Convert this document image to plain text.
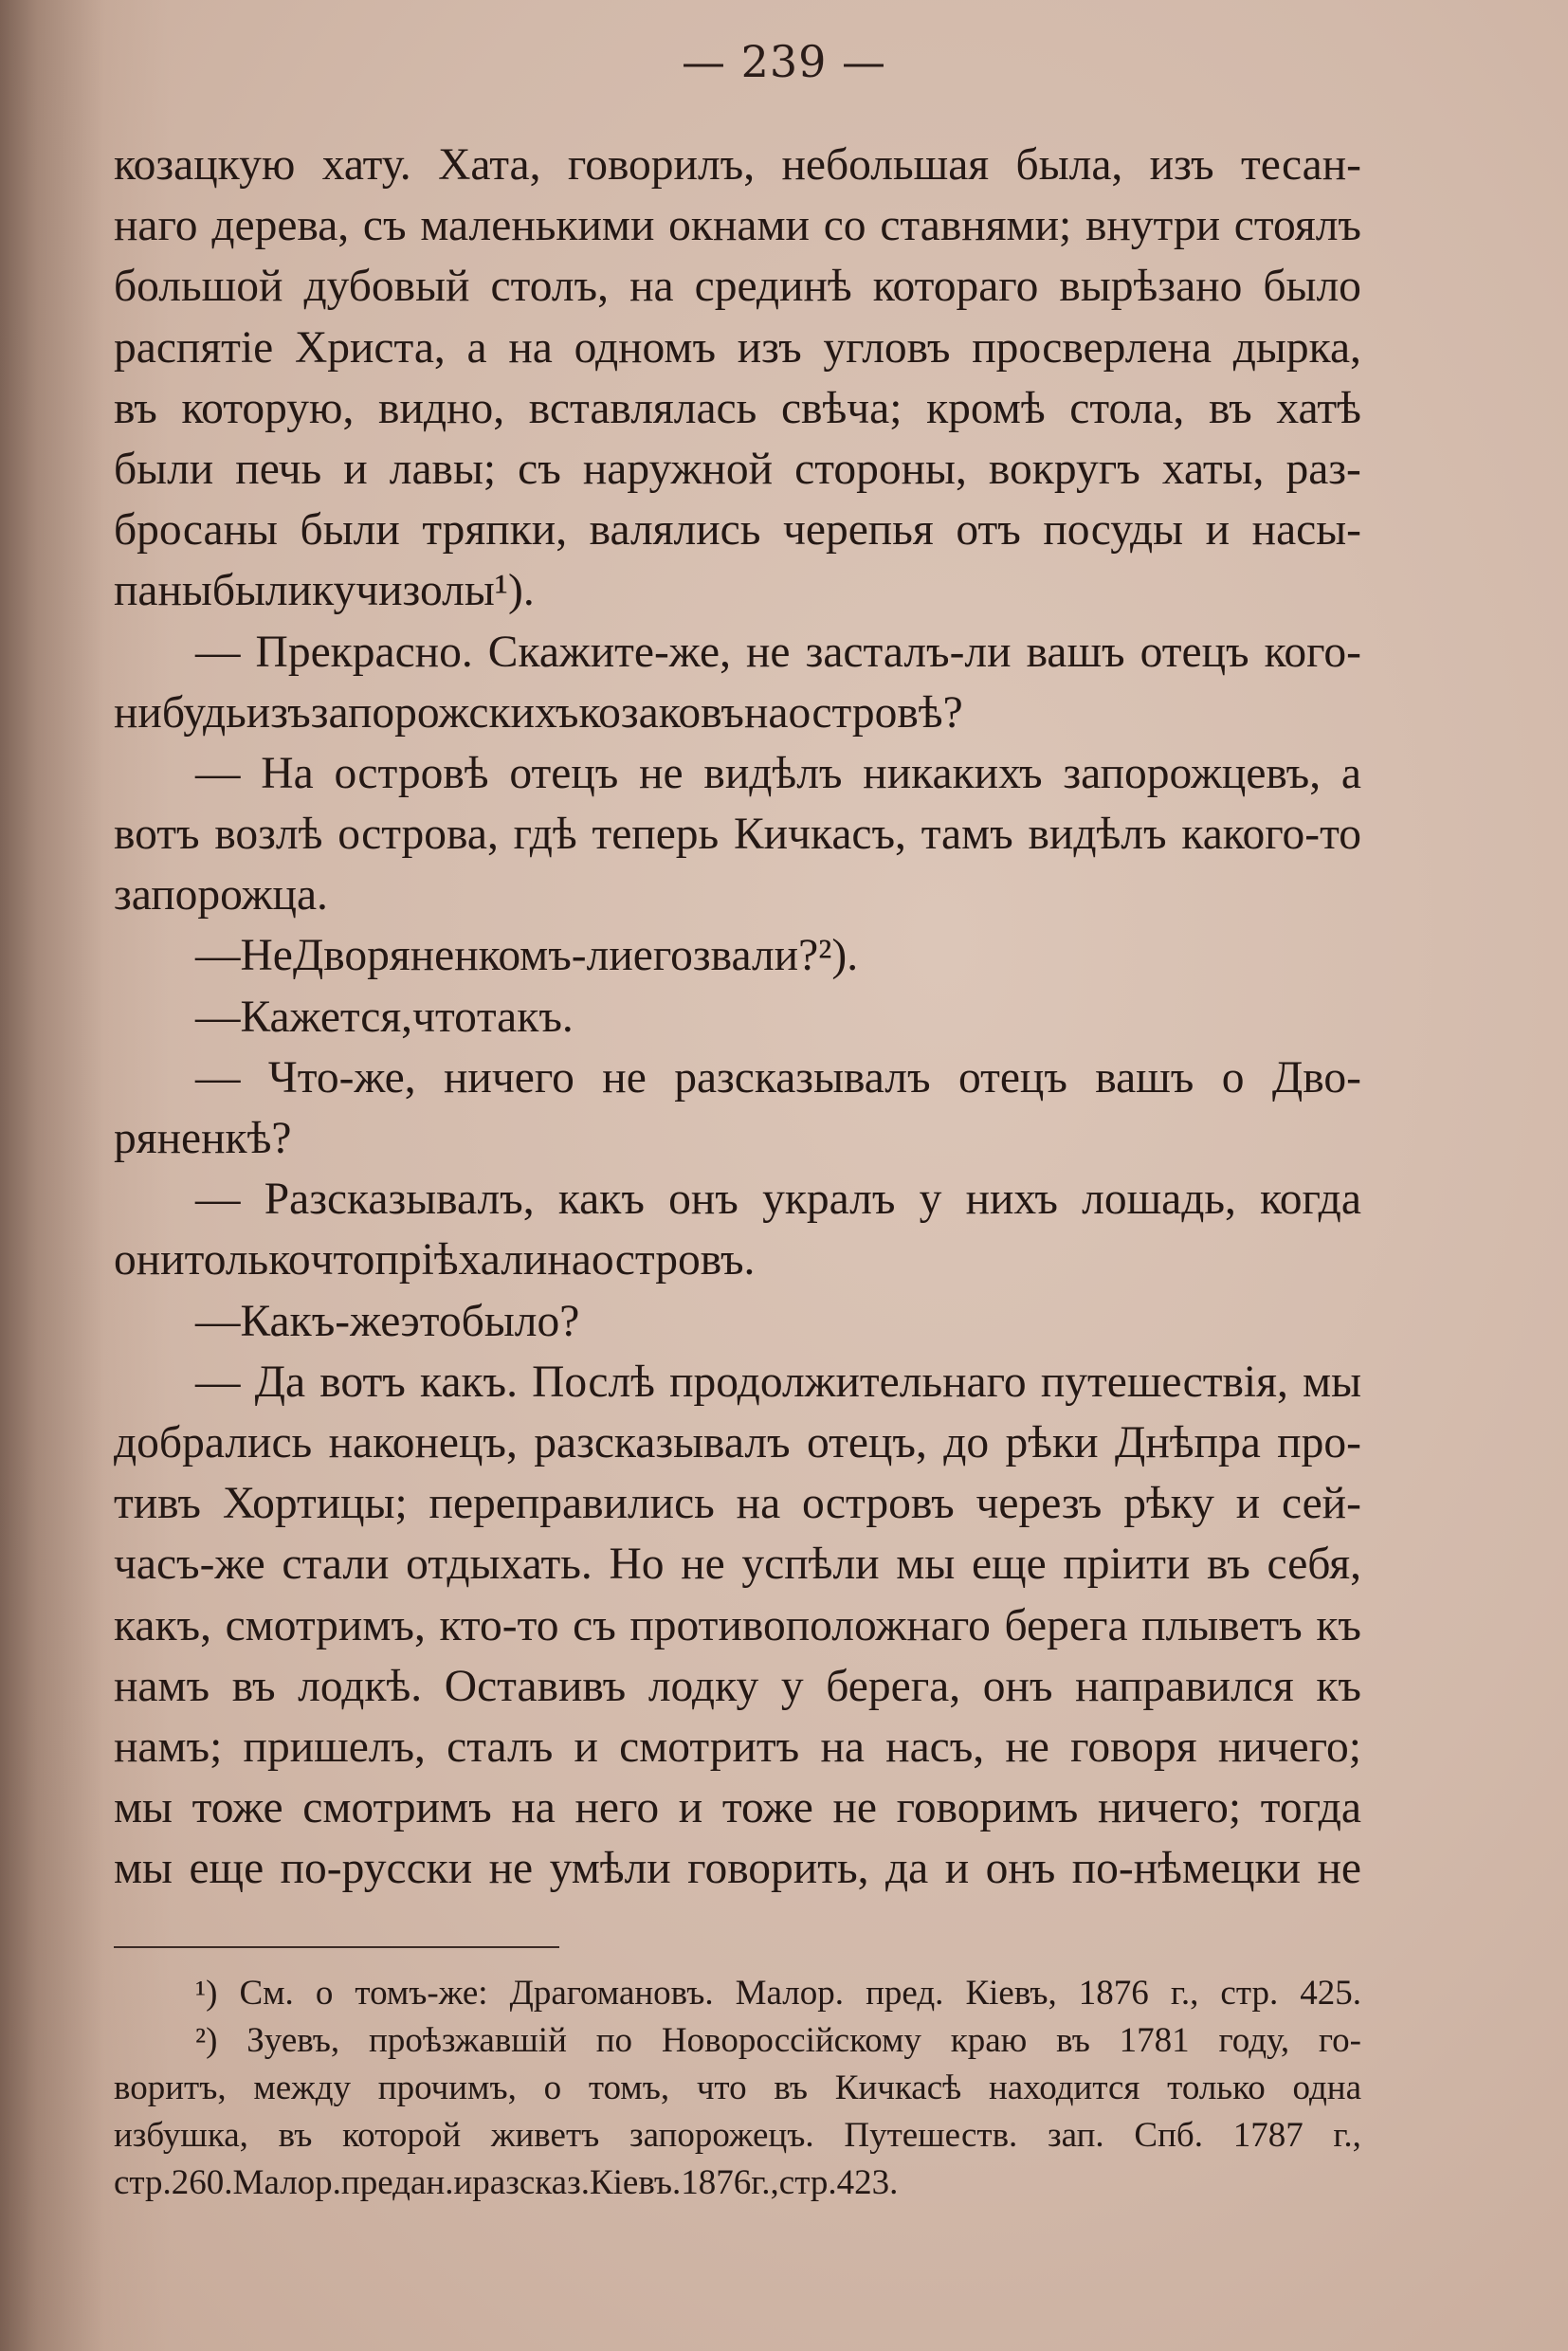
— 239 —
козацкую хату. Хата, говорилъ, небольшая была, изъ тесан-
наго дерева, съ маленькими окнами со ставнями; внутри стоялъ
большой дубовый столъ, на срединѣ котораго вырѣзано было
распятіе Христа, а на одномъ изъ угловъ просверлена дырка,
въ которую, видно, вставлялась свѣча; кромѣ стола, въ хатѣ
были печь и лавы; съ наружной стороны, вокругъ хаты, раз-
бросаны были тряпки, валялись черепья отъ посуды и насы-
паны были кучи золы ¹).
— Прекрасно. Скажите-же, не засталъ-ли вашъ отецъ кого-
нибудь изъ запорожскихъ козаковъ на островѣ?
— На островѣ отецъ не видѣлъ никакихъ запорожцевъ, а
вотъ возлѣ острова, гдѣ теперь Кичкасъ, тамъ видѣлъ какого-то
запорожца.
— Не Дворяненкомъ-ли его звали? ²).
— Кажется, что такъ.
— Что-же, ничего не разсказывалъ отецъ вашъ о Дво-
ряненкѣ?
— Разсказывалъ, какъ онъ укралъ у нихъ лошадь, когда
они только что пріѣхали на островъ.
— Какъ-же это было?
— Да вотъ какъ. Послѣ продолжительнаго путешествія, мы
добрались наконецъ, разсказывалъ отецъ, до рѣки Днѣпра про-
тивъ Хортицы; переправились на островъ черезъ рѣку и сей-
часъ-же стали отдыхать. Но не успѣли мы еще пріити въ себя,
какъ, смотримъ, кто-то съ противоположнаго берега плыветъ къ
намъ въ лодкѣ. Оставивъ лодку у берега, онъ направился къ
намъ; пришелъ, сталъ и смотритъ на насъ, не говоря ничего;
мы тоже смотримъ на него и тоже не говоримъ ничего; тогда
мы еще по-русски не умѣли говорить, да и онъ по-нѣмецки не
¹) См. о томъ-же: Драгомановъ. Малор. пред. Кіевъ, 1876 г., стр. 425.
²) Зуевъ, проѣзжавшій по Новороссійскому краю въ 1781 году, го-
воритъ, между прочимъ, о томъ, что въ Кичкасѣ находится только одна
избушка, въ которой живетъ запорожецъ. Путешеств. зап. Спб. 1787 г.,
стр. 260. Малор. предан. и разсказ. Кіевъ. 1876 г., стр. 423.
